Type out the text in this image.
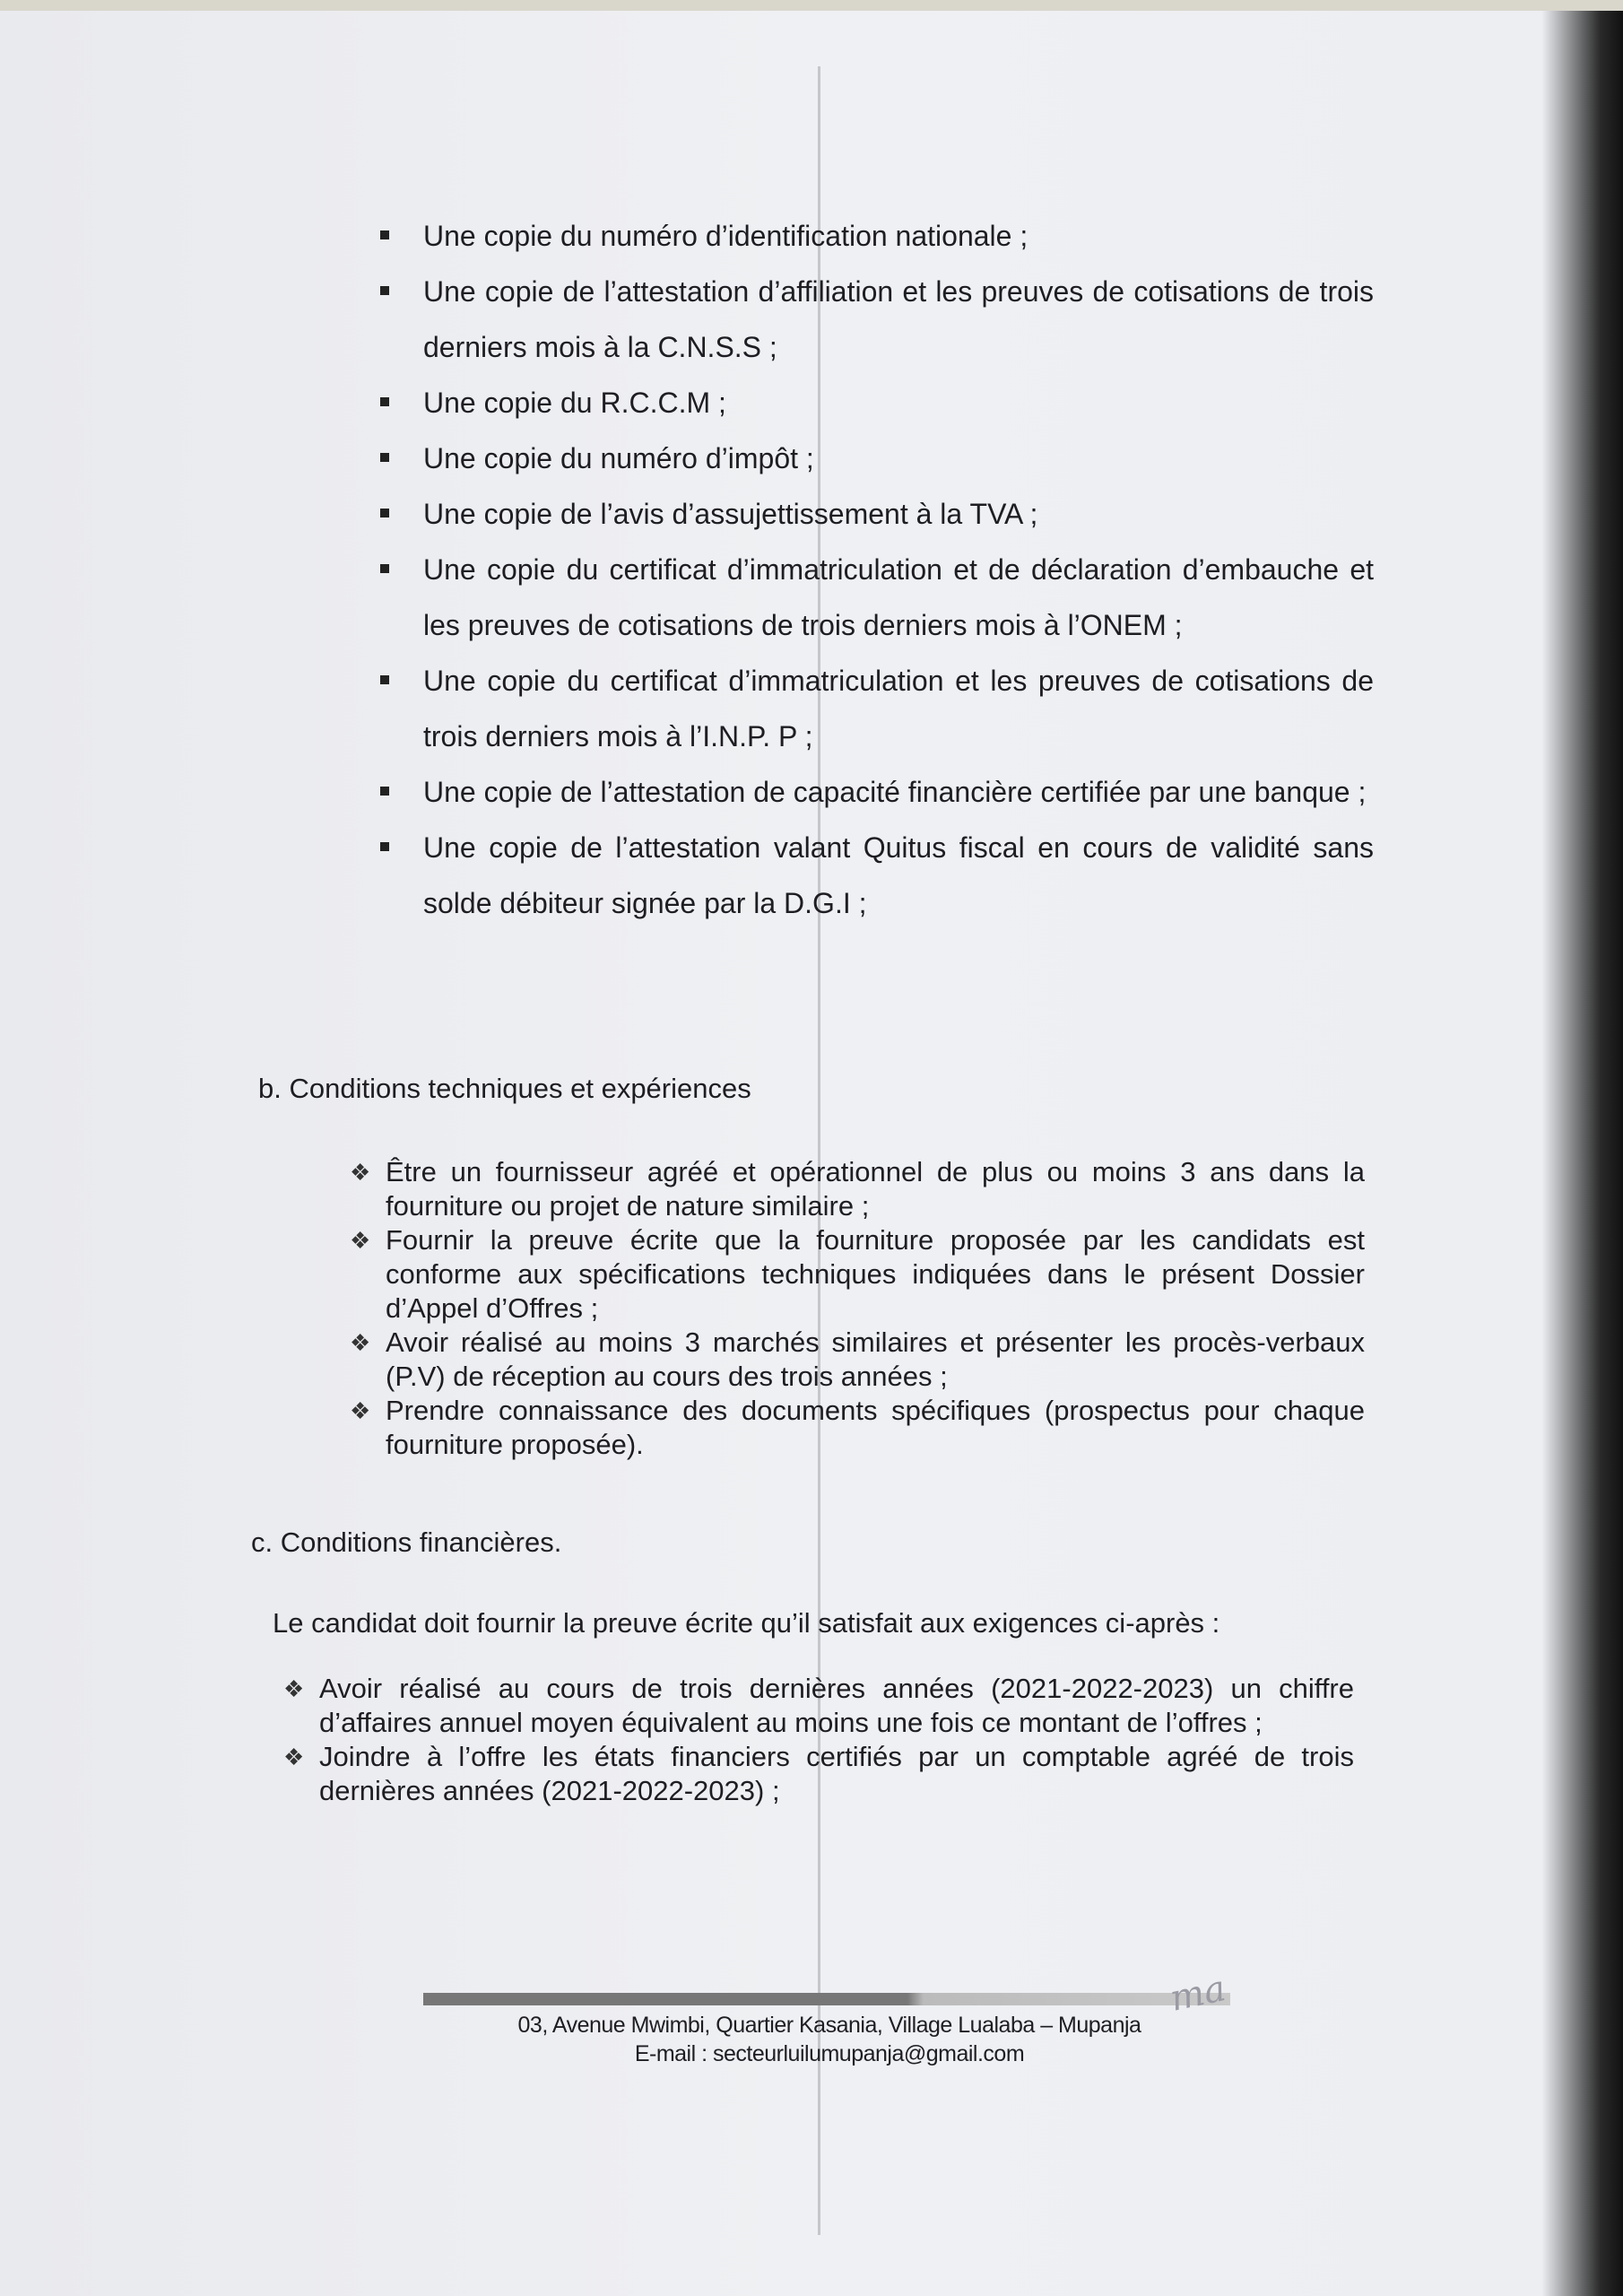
Une copie du numéro d’identification nationale ;
Une copie de l’attestation d’affiliation et les preuves de cotisations de trois derniers mois à la C.N.S.S ;
Une copie du R.C.C.M ;
Une copie du numéro d’impôt ;
Une copie de l’avis d’assujettissement à la TVA ;
Une copie du certificat d’immatriculation et de déclaration d’embauche et les preuves de cotisations de trois derniers mois à l’ONEM ;
Une copie du certificat d’immatriculation et les preuves de cotisations de trois derniers mois à l’I.N.P. P ;
Une copie de l’attestation de capacité financière certifiée par une banque ;
Une copie de l’attestation valant Quitus fiscal en cours de validité sans solde débiteur signée par la D.G.I ;
b. Conditions techniques et expériences
❖ Être un fournisseur agréé et opérationnel de plus ou moins 3 ans dans la fourniture ou projet de nature similaire ;
❖ Fournir la preuve écrite que la fourniture proposée par les candidats est conforme aux spécifications techniques indiquées dans le présent Dossier d’Appel d’Offres ;
❖ Avoir réalisé au moins 3 marchés similaires et présenter les procès-verbaux (P.V) de réception au cours des trois années ;
❖ Prendre connaissance des documents spécifiques (prospectus pour chaque fourniture proposée).
c. Conditions financières.
Le candidat doit fournir la preuve écrite qu’il satisfait aux exigences ci-après :
❖ Avoir réalisé au cours de trois dernières années (2021-2022-2023) un chiffre d’affaires annuel moyen équivalent au moins une fois ce montant de l’offres ;
❖ Joindre à l’offre les états financiers certifiés par un comptable agréé de trois dernières années (2021-2022-2023) ;
ma
03, Avenue Mwimbi, Quartier Kasania, Village Lualaba – Mupanja
E-mail : secteurluilumupanja@gmail.com
